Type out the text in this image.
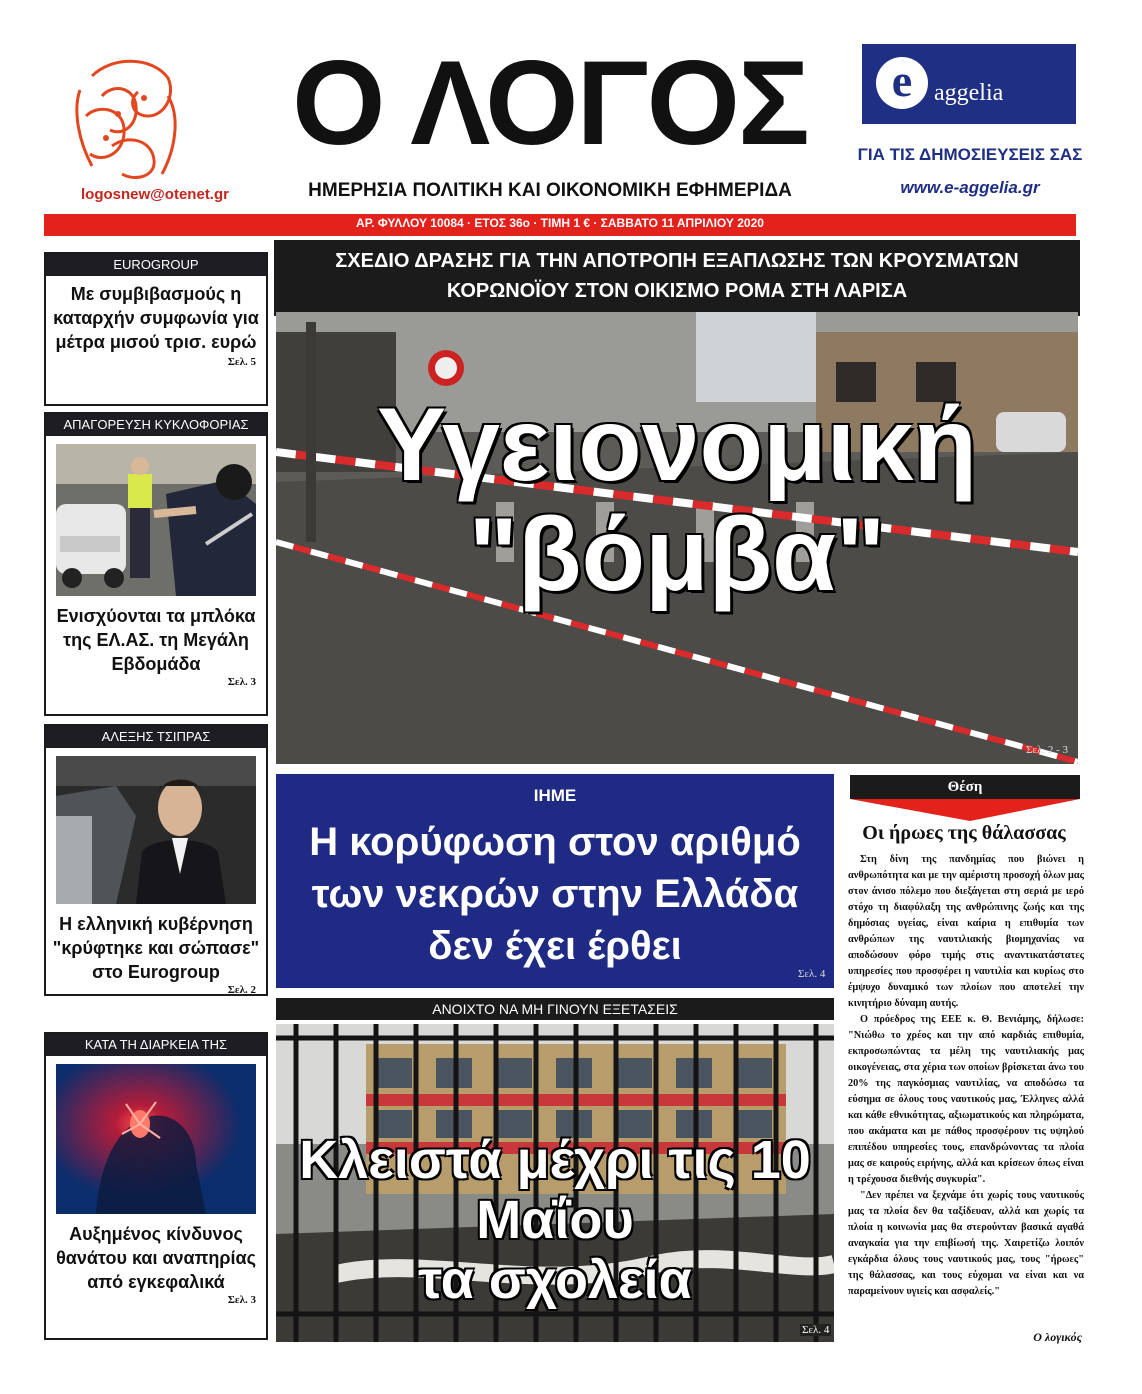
logosnew@otenet.gr
Ο ΛΟΓΟΣ
ΗΜΕΡΗΣΙΑ ΠΟΛΙΤΙΚΗ ΚΑΙ ΟΙΚΟΝΟΜΙΚΗ ΕΦΗΜΕΡΙΔΑ
ΑΡ. ΦΥΛΛΟΥ 10084 · ΕΤΟΣ 36ο · ΤΙΜΗ 1 € · ΣΑΒΒΑΤΟ 11 ΑΠΡΙΛΙΟΥ 2020
e aggelia
ΓΙΑ ΤΙΣ ΔΗΜΟΣΙΕΥΣΕΙΣ ΣΑΣ
www.e-aggelia.gr
EUROGROUP
Με συμβιβασμούς η καταρχήν συμφωνία για μέτρα μισού τρισ. ευρώ
Σελ. 5
ΑΠΑΓΟΡΕΥΣΗ ΚΥΚΛΟΦΟΡΙΑΣ
Ενισχύονται τα μπλόκα της ΕΛ.ΑΣ. τη Μεγάλη Εβδομάδα
Σελ. 3
ΑΛΕΞΗΣ ΤΣΙΠΡΑΣ
Η ελληνική κυβέρνηση "κρύφτηκε και σώπασε" στο Eurogroup
Σελ. 2
ΚΑΤΑ ΤΗ ΔΙΑΡΚΕΙΑ ΤΗΣ
Αυξημένος κίνδυνος θανάτου και αναπηρίας από εγκεφαλικά
Σελ. 3
ΣΧΕΔΙΟ ΔΡΑΣΗΣ ΓΙΑ ΤΗΝ ΑΠΟΤΡΟΠΗ ΕΞΑΠΛΩΣΗΣ ΤΩΝ ΚΡΟΥΣΜΑΤΩΝ
ΚΟΡΩΝΟΪΟΥ ΣΤΟΝ ΟΙΚΙΣΜΟ ΡΟΜΑ ΣΤΗ ΛΑΡΙΣΑ
Υγειονομική
"βόμβα"
Σελ. 2 - 3
ΙΗΜΕ
Η κορύφωση στον αριθμό
των νεκρών στην Ελλάδα
δεν έχει έρθει
Σελ. 4
ΑΝΟΙΧΤΟ ΝΑ ΜΗ ΓΙΝΟΥΝ ΕΞΕΤΑΣΕΙΣ
Κλειστά μέχρι τις 10 Μαΐου
τα σχολεία
Σελ. 4
Θέση
Οι ήρωες της θάλασσας

Στη δίνη της πανδημίας που βιώνει η ανθρωπότητα και με την αμέριστη προσοχή όλων μας στον άνισο πόλεμο που διεξάγεται στη σεριά με ιερό στόχο τη διαφύλαξη της ανθρώπινης ζωής και της δημόσιας υγείας, είναι καίρια η επιθυμία των ανθρώπων της ναυτιλιακής βιομηχανίας να αποδώσουν φόρο τιμής στις αναντικατάστατες υπηρεσίες που προσφέρει η ναυτιλία και κυρίως στο έμψυχο δυναμικό των πλοίων που αποτελεί την κινητήριο δύναμη αυτής.

Ο πρόεδρος της ΕΕΕ κ. Θ. Βενιάμης, δήλωσε: "Νιώθω το χρέος και την από καρδιάς επιθυμία, εκπροσωπώντας τα μέλη της ναυτιλιακής μας οικογένειας, στα χέρια των οποίων βρίσκεται άνω του 20% της παγκόσμιας ναυτιλίας, να αποδώσω τα εύσημα σε όλους τους ναυτικούς μας, Έλληνες αλλά και κάθε εθνικότητας, αξιωματικούς και πληρώματα, που ακάματα και με πάθος προσφέρουν τις υψηλού επιπέδου υπηρεσίες τους, επανδρώνοντας τα πλοία μας σε καιρούς ειρήνης, αλλά και κρίσεων όπως είναι η τρέχουσα διεθνής συγκυρία".

"Δεν πρέπει να ξεχνάμε ότι χωρίς τους ναυτικούς μας τα πλοία δεν θα ταξίδευαν, αλλά και χωρίς τα πλοία η κοινωνία μας θα στερούνταν βασικά αγαθά αναγκαία για την επιβίωσή της. Χαιρετίζω λοιπόν εγκάρδια όλους τους ναυτικούς μας, τους "ήρωες" της θάλασσας, και τους εύχομαι να είναι και να παραμείνουν υγιείς και ασφαλείς."

Ο λογικός
